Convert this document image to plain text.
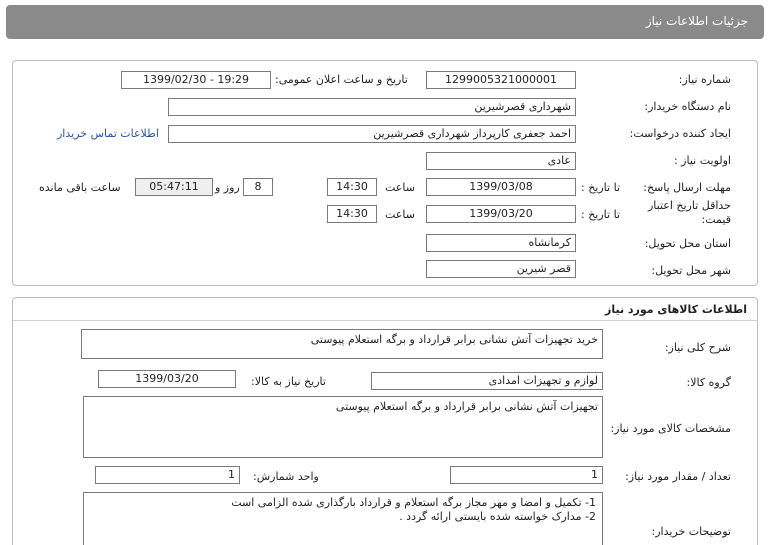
جزئیات اطلاعات نیاز
شماره نیاز:
1299005321000001
تاریخ و ساعت اعلان عمومی:
1399/02/30 - 19:29
نام دستگاه خریدار:
شهرداری قصرشیرین
ایجاد کننده درخواست:
احمد جعفری کارپرداز شهرداری قصرشیرین
اطلاعات تماس خریدار
اولویت نیاز :
عادی
مهلت ارسال پاسخ:
تا تاریخ :
1399/03/08
ساعت
14:30
8
روز و
05:47:11
ساعت باقی مانده
حداقل تاریخ اعتبار
قیمت:
تا تاریخ :
1399/03/20
ساعت
14:30
استان محل تحویل:
کرمانشاه
شهر محل تحویل:
قصر شیرین
اطلاعات کالاهای مورد نیاز
شرح کلی نیاز:
خرید تجهیزات آتش نشانی برابر قرارداد و برگه استعلام پیوستی
گروه کالا:
لوازم و تجهیزات امدادی
تاریخ نیاز به کالا:
1399/03/20
مشخصات کالای مورد نیاز:
تجهیزات آتش نشانی برابر قرارداد و برگه استعلام پیوستی
تعداد / مقدار مورد نیاز:
1
واحد شمارش:
1
توضیحات خریدار:
1- تکمیل و امضا و مهر مجاز برگه استعلام و قرارداد بارگذاری شده الزامی است
2- مدارک خواسته شده بایستی ارائه گردد .
